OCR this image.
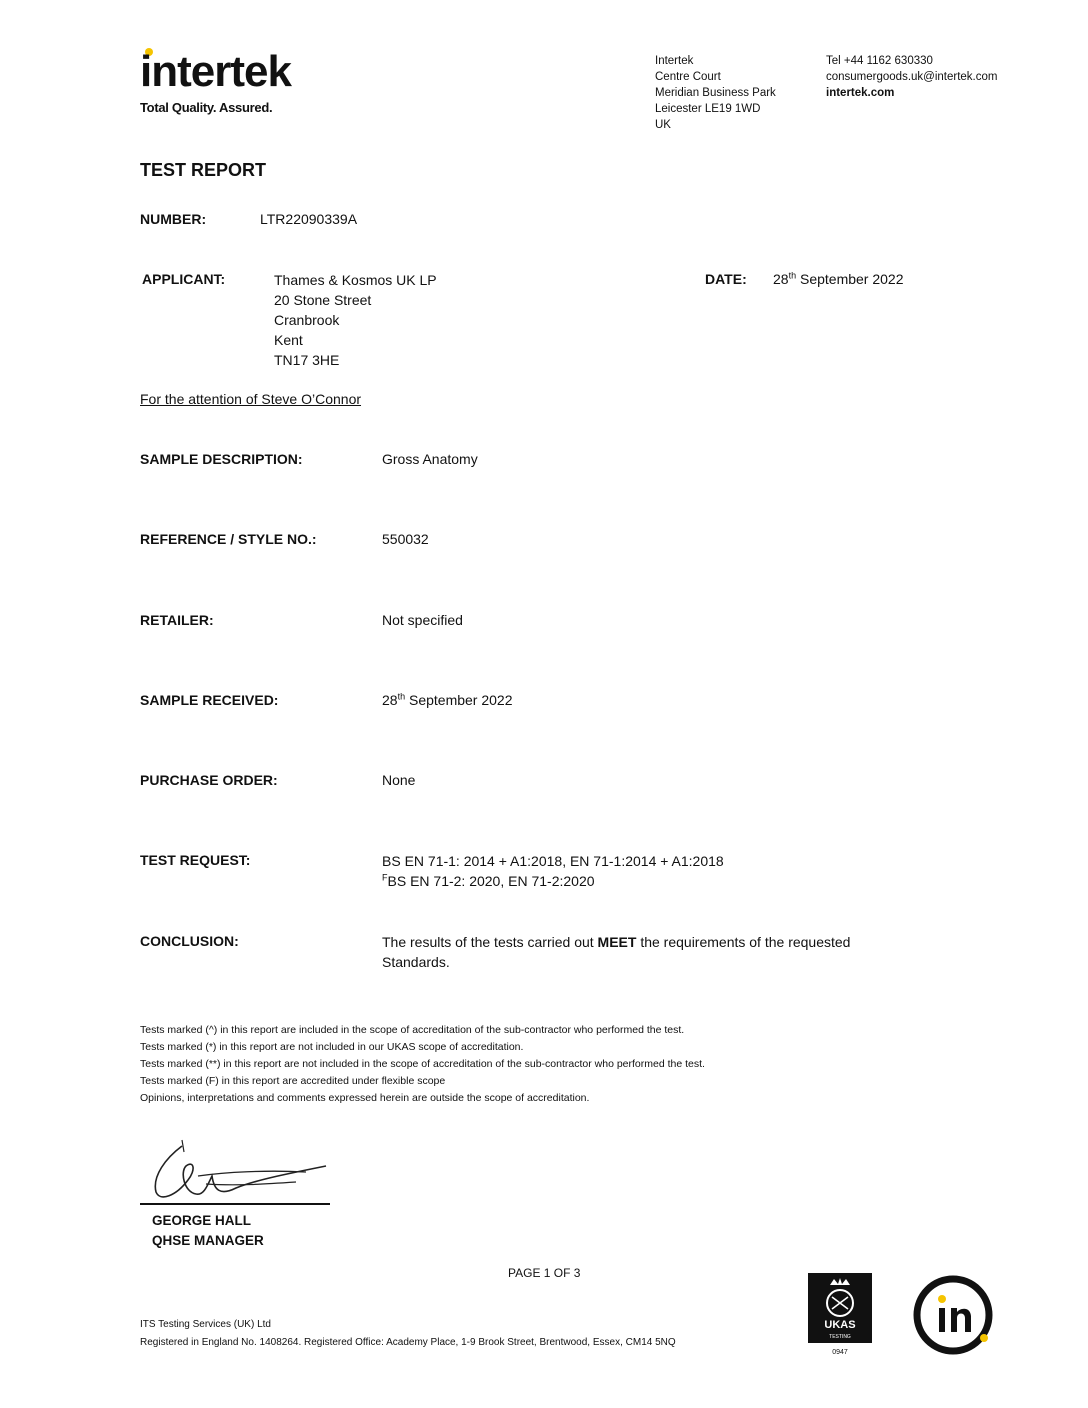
intertek
Total Quality. Assured.
Intertek
Centre Court
Meridian Business Park
Leicester LE19 1WD
UK
Tel +44 1162 630330
consumergoods.uk@intertek.com
intertek.com
TEST REPORT
NUMBER:	LTR22090339A
APPLICANT:	Thames & Kosmos UK LP
20 Stone Street
Cranbrook
Kent
TN17 3HE
DATE: 28th September 2022
For the attention of Steve O’Connor
SAMPLE DESCRIPTION:	Gross Anatomy
REFERENCE / STYLE NO.:	550032
RETAILER:	Not specified
SAMPLE RECEIVED:	28th September 2022
PURCHASE ORDER:	None
TEST REQUEST:	BS EN 71-1: 2014 + A1:2018, EN 71-1:2014 + A1:2018
$^F$BS EN 71-2: 2020, EN 71-2:2020
CONCLUSION:	The results of the tests carried out MEET the requirements of the requested
Standards.
Tests marked (^) in this report are included in the scope of accreditation of the sub-contractor who performed the test.
Tests marked (*) in this report are not included in our UKAS scope of accreditation.
Tests marked (**) in this report are not included in the scope of accreditation of the sub-contractor who performed the test.
Tests marked (F) in this report are accredited under flexible scope
Opinions, interpretations and comments expressed herein are outside the scope of accreditation.
GEORGE HALL
QHSE MANAGER
PAGE 1 OF 3
ITS Testing Services (UK) Ltd
Registered in England No. 1408264. Registered Office: Academy Place, 1-9 Brook Street, Brentwood, Essex, CM14 5NQ
UKAS
TESTING
0947
